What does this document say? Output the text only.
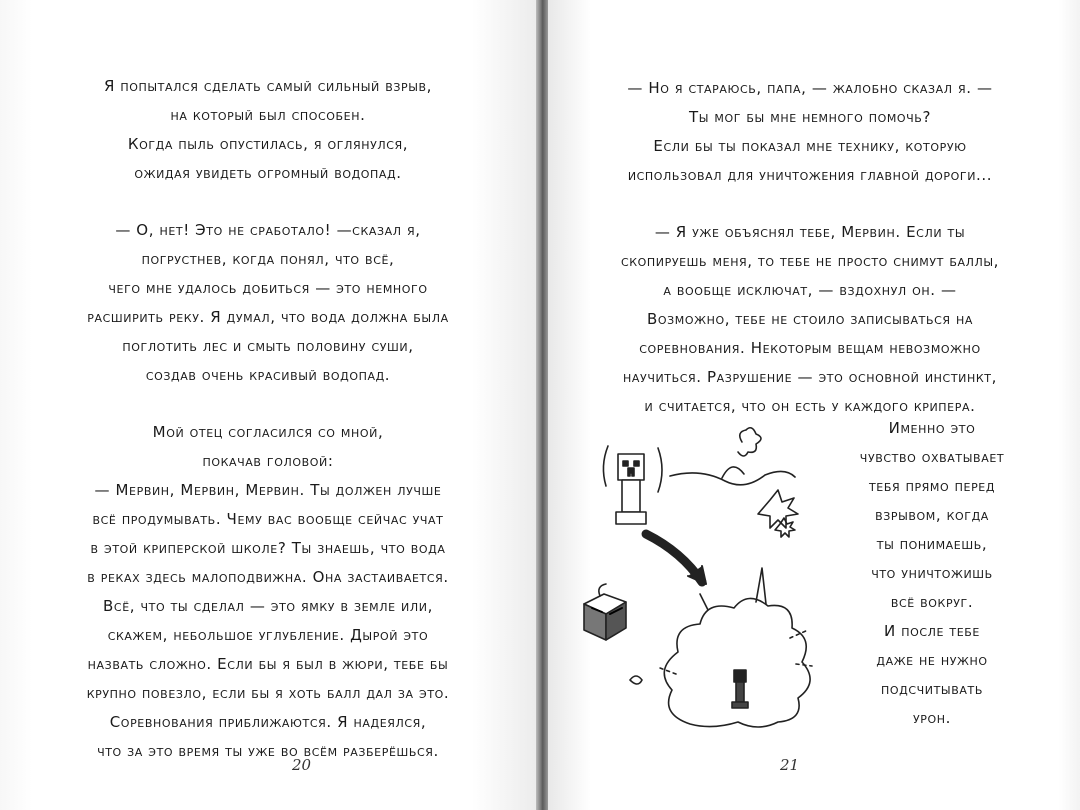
Я попытался сделать самый сильный взрыв,
на который был способен.
Когда пыль опустилась, я оглянулся,
ожидая увидеть огромный водопад.
— О, нет! Это не сработало! —сказал я,
погрустнев, когда понял, что всё,
чего мне удалось добиться — это немного
расширить реку. Я думал, что вода должна была
поглотить лес и смыть половину суши,
создав очень красивый водопад.
Мой отец согласился со мной,
покачав головой:
— Мервин, Мервин, Мервин. Ты должен лучше
всё продумывать. Чему вас вообще сейчас учат
в этой криперской школе? Ты знаешь, что вода
в реках здесь малоподвижна. Она застаивается.
Всё, что ты сделал — это ямку в земле или,
скажем, небольшое углубление. Дырой это
назвать сложно. Если бы я был в жюри, тебе бы
крупно повезло, если бы я хоть балл дал за это.
Соревнования приближаются. Я надеялся,
что за это время ты уже во всём разберёшься.
20
— Но я стараюсь, папа, — жалобно сказал я. —
Ты мог бы мне немного помочь?
Если бы ты показал мне технику, которую
использовал для уничтожения главной дороги...
— Я уже объяснял тебе, Мервин. Если ты
скопируешь меня, то тебе не просто снимут баллы,
а вообще исключат, — вздохнул он. —
Возможно, тебе не стоило записываться на
соревнования. Некоторым вещам невозможно
научиться. Разрушение — это основной инстинкт,
и считается, что он есть у каждого крипера.
Именно это
чувство охватывает
тебя прямо перед
взрывом, когда
ты понимаешь,
что уничтожишь
всё вокруг.
И после тебе
даже не нужно
подсчитывать
урон.
21
